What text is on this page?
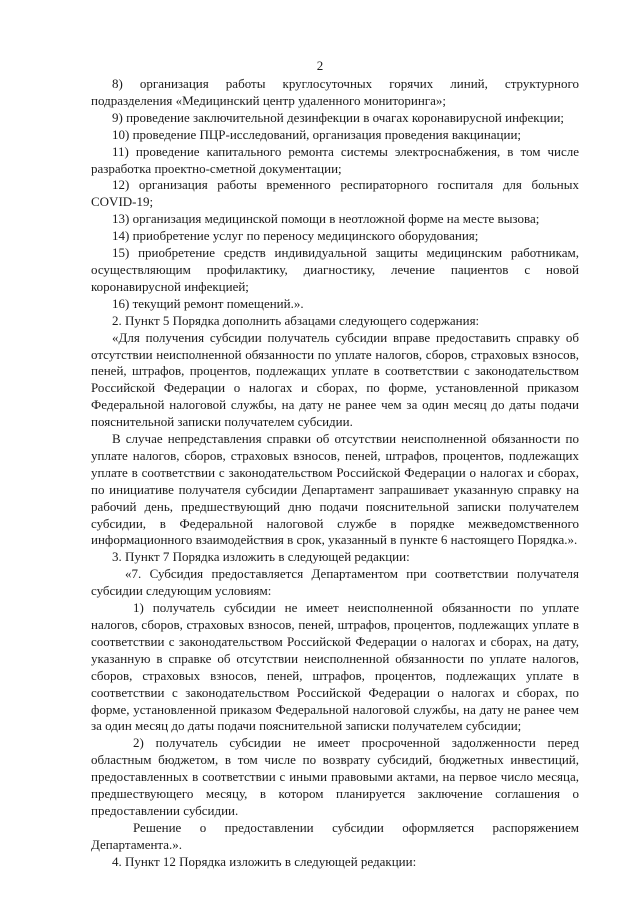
2

8) организация работы круглосуточных горячих линий, структурного подразделения «Медицинский центр удаленного мониторинга»;

9) проведение заключительной дезинфекции в очагах коронавирусной инфекции;

10) проведение ПЦР-исследований, организация проведения вакцинации;

11) проведение капитального ремонта системы электроснабжения, в том числе разработка проектно-сметной документации;

12) организация работы временного респираторного госпиталя для больных COVID-19;

13) организация медицинской помощи в неотложной форме на месте вызова;

14) приобретение услуг по переносу медицинского оборудования;

15) приобретение средств индивидуальной защиты медицинским работникам, осуществляющим профилактику, диагностику, лечение пациентов с новой коронавирусной инфекцией;

16) текущий ремонт помещений.».

2. Пункт 5 Порядка дополнить абзацами следующего содержания:

«Для получения субсидии получатель субсидии вправе предоставить справку об отсутствии неисполненной обязанности по уплате налогов, сборов, страховых взносов, пеней, штрафов, процентов, подлежащих уплате в соответствии с законодательством Российской Федерации о налогах и сборах, по форме, установленной приказом Федеральной налоговой службы, на дату не ранее чем за один месяц до даты подачи пояснительной записки получателем субсидии.

В случае непредставления справки об отсутствии неисполненной обязанности по уплате налогов, сборов, страховых взносов, пеней, штрафов, процентов, подлежащих уплате в соответствии с законодательством Российской Федерации о налогах и сборах, по инициативе получателя субсидии Департамент запрашивает указанную справку на рабочий день, предшествующий дню подачи пояснительной записки получателем субсидии, в Федеральной налоговой службе в порядке межведомственного информационного взаимодействия в срок, указанный в пункте 6 настоящего Порядка.».

3. Пункт 7 Порядка изложить в следующей редакции:

«7. Субсидия предоставляется Департаментом при соответствии получателя субсидии следующим условиям:

1) получатель субсидии не имеет неисполненной обязанности по уплате налогов, сборов, страховых взносов, пеней, штрафов, процентов, подлежащих уплате в соответствии с законодательством Российской Федерации о налогах и сборах, на дату, указанную в справке об отсутствии неисполненной обязанности по уплате налогов, сборов, страховых взносов, пеней, штрафов, процентов, подлежащих уплате в соответствии с законодательством Российской Федерации о налогах и сборах, по форме, установленной приказом Федеральной налоговой службы, на дату не ранее чем за один месяц до даты подачи пояснительной записки получателем субсидии;

2) получатель субсидии не имеет просроченной задолженности перед областным бюджетом, в том числе по возврату субсидий, бюджетных инвестиций, предоставленных в соответствии с иными правовыми актами, на первое число месяца, предшествующего месяцу, в котором планируется заключение соглашения о предоставлении субсидии.

Решение о предоставлении субсидии оформляется распоряжением Департамента.».

4. Пункт 12 Порядка изложить в следующей редакции:
